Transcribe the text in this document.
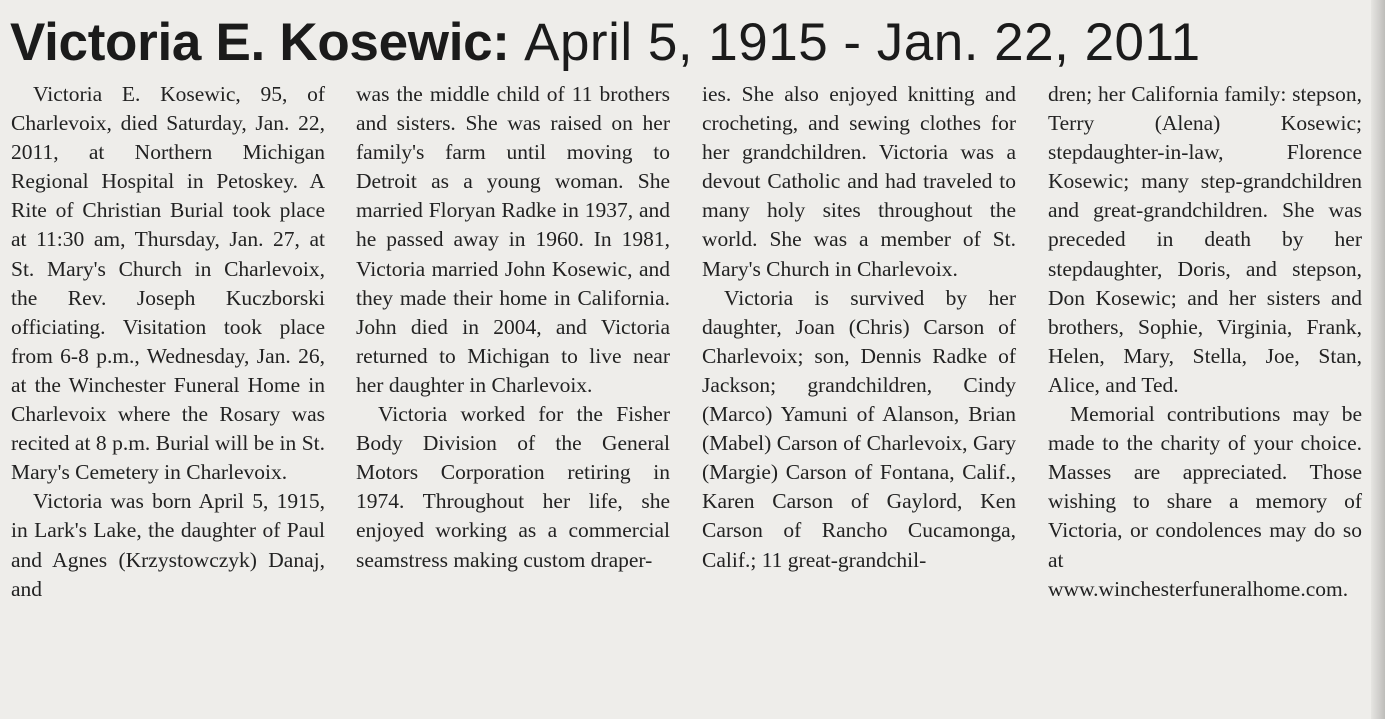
Victoria E. Kosewic: April 5, 1915 - Jan. 22, 2011

Victoria E. Kosewic, 95, of Charlevoix, died Saturday, Jan. 22, 2011, at Northern Michigan Regional Hospital in Petoskey. A Rite of Christian Burial took place at 11:30 am, Thursday, Jan. 27, at St. Mary's Church in Charlevoix, the Rev. Joseph Kuczborski officiating. Visitation took place from 6-8 p.m., Wednesday, Jan. 26, at the Winchester Funeral Home in Charlevoix where the Rosary was recited at 8 p.m. Burial will be in St. Mary's Cemetery in Charlevoix.

Victoria was born April 5, 1915, in Lark's Lake, the daughter of Paul and Agnes (Krzystowczyk) Danaj, and

was the middle child of 11 brothers and sisters. She was raised on her family's farm until moving to Detroit as a young woman. She married Floryan Radke in 1937, and he passed away in 1960. In 1981, Victoria married John Kosewic, and they made their home in California. John died in 2004, and Victoria returned to Michigan to live near her daughter in Charlevoix.

Victoria worked for the Fisher Body Division of the General Motors Corporation retiring in 1974. Throughout her life, she enjoyed working as a commercial seamstress making custom draper-

ies. She also enjoyed knitting and crocheting, and sewing clothes for her grandchildren. Victoria was a devout Catholic and had traveled to many holy sites throughout the world. She was a member of St. Mary's Church in Charlevoix.

Victoria is survived by her daughter, Joan (Chris) Carson of Charlevoix; son, Dennis Radke of Jackson; grandchildren, Cindy (Marco) Yamuni of Alanson, Brian (Mabel) Carson of Charlevoix, Gary (Margie) Carson of Fontana, Calif., Karen Carson of Gaylord, Ken Carson of Rancho Cucamonga, Calif.; 11 great-grandchil-

dren; her California family: stepson, Terry (Alena) Kosewic; stepdaughter-in-law, Florence Kosewic; many step-grandchildren and great-grandchildren. She was preceded in death by her stepdaughter, Doris, and stepson, Don Kosewic; and her sisters and brothers, Sophie, Virginia, Frank, Helen, Mary, Stella, Joe, Stan, Alice, and Ted.

Memorial contributions may be made to the charity of your choice. Masses are appreciated. Those wishing to share a memory of Victoria, or condolences may do so at www.winchesterfuneralhome.com.
